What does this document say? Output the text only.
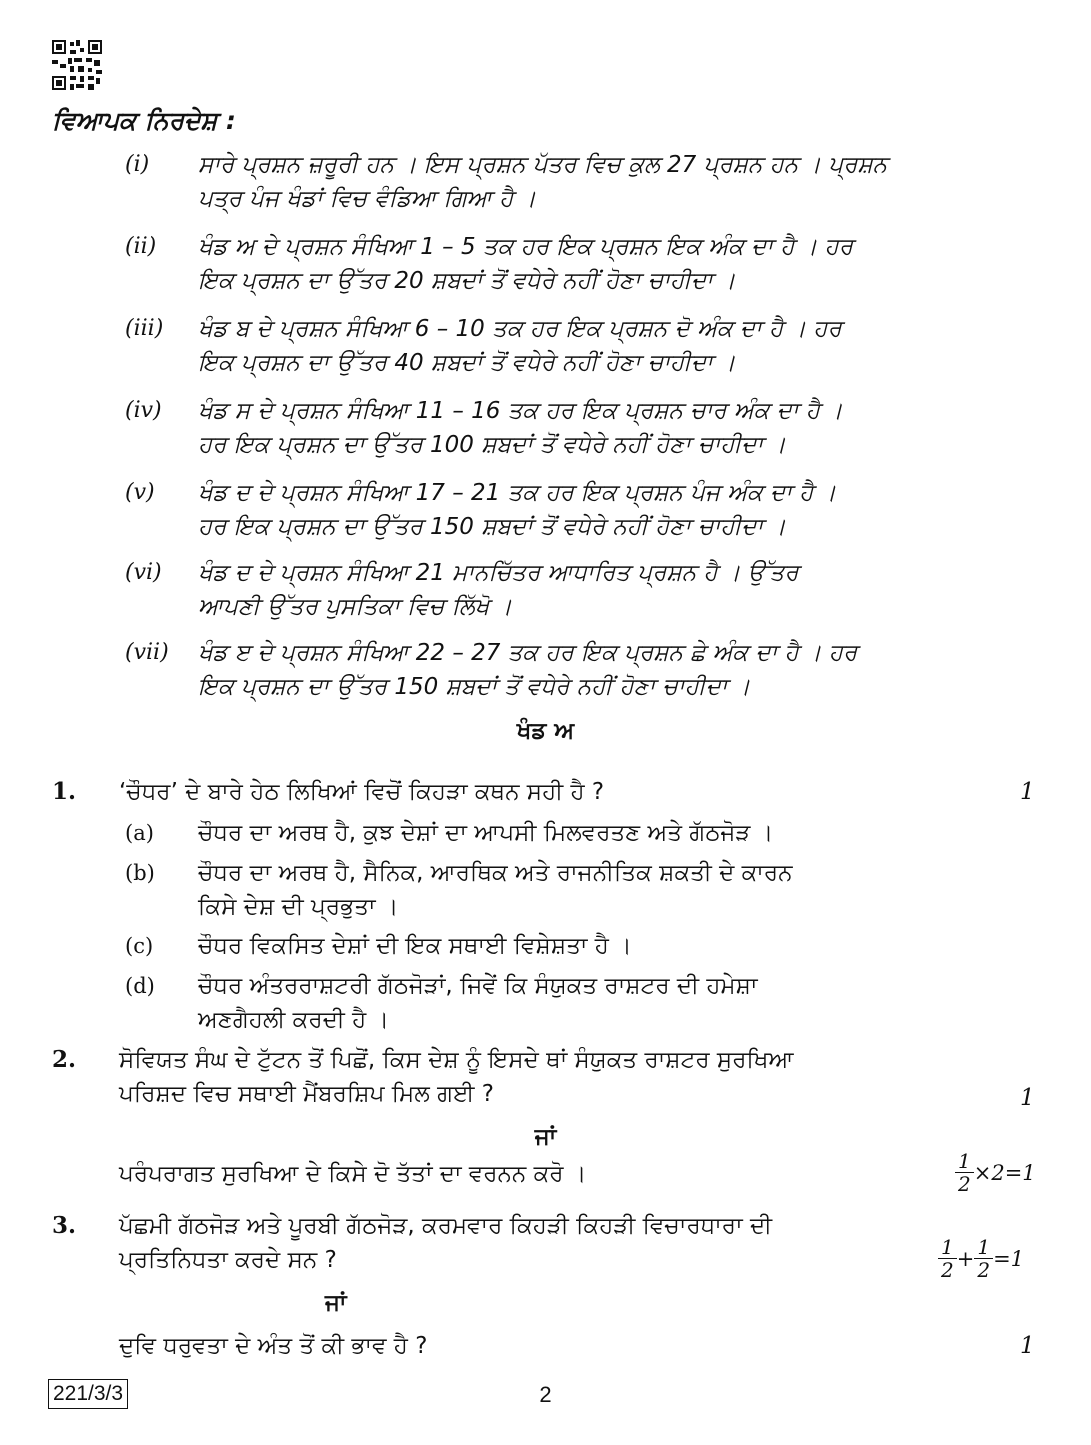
ਵਿਆਪਕ ਨਿਰਦੇਸ਼ :
(i) ਸਾਰੇ ਪ੍ਰਸ਼ਨ ਜ਼ਰੂਰੀ ਹਨ । ਇਸ ਪ੍ਰਸ਼ਨ ਪੱਤਰ ਵਿਚ ਕੁਲ 27 ਪ੍ਰਸ਼ਨ ਹਨ । ਪ੍ਰਸ਼ਨ
ਪਤ੍ਰ ਪੰਜ ਖੰਡਾਂ ਵਿਚ ਵੰਡਿਆ ਗਿਆ ਹੈ ।
(ii) ਖੰਡ ਅ ਦੇ ਪ੍ਰਸ਼ਨ ਸੰਖਿਆ 1 – 5 ਤਕ ਹਰ ਇਕ ਪ੍ਰਸ਼ਨ ਇਕ ਅੰਕ ਦਾ ਹੈ । ਹਰ
ਇਕ ਪ੍ਰਸ਼ਨ ਦਾ ਉੱਤਰ 20 ਸ਼ਬਦਾਂ ਤੋਂ ਵਧੇਰੇ ਨਹੀਂ ਹੋਣਾ ਚਾਹੀਦਾ ।
(iii) ਖੰਡ ਬ ਦੇ ਪ੍ਰਸ਼ਨ ਸੰਖਿਆ 6 – 10 ਤਕ ਹਰ ਇਕ ਪ੍ਰਸ਼ਨ ਦੋ ਅੰਕ ਦਾ ਹੈ । ਹਰ
ਇਕ ਪ੍ਰਸ਼ਨ ਦਾ ਉੱਤਰ 40 ਸ਼ਬਦਾਂ ਤੋਂ ਵਧੇਰੇ ਨਹੀਂ ਹੋਣਾ ਚਾਹੀਦਾ ।
(iv) ਖੰਡ ਸ ਦੇ ਪ੍ਰਸ਼ਨ ਸੰਖਿਆ 11 – 16 ਤਕ ਹਰ ਇਕ ਪ੍ਰਸ਼ਨ ਚਾਰ ਅੰਕ ਦਾ ਹੈ ।
ਹਰ ਇਕ ਪ੍ਰਸ਼ਨ ਦਾ ਉੱਤਰ 100 ਸ਼ਬਦਾਂ ਤੋਂ ਵਧੇਰੇ ਨਹੀਂ ਹੋਣਾ ਚਾਹੀਦਾ ।
(v) ਖੰਡ ਦ ਦੇ ਪ੍ਰਸ਼ਨ ਸੰਖਿਆ 17 – 21 ਤਕ ਹਰ ਇਕ ਪ੍ਰਸ਼ਨ ਪੰਜ ਅੰਕ ਦਾ ਹੈ ।
ਹਰ ਇਕ ਪ੍ਰਸ਼ਨ ਦਾ ਉੱਤਰ 150 ਸ਼ਬਦਾਂ ਤੋਂ ਵਧੇਰੇ ਨਹੀਂ ਹੋਣਾ ਚਾਹੀਦਾ ।
(vi) ਖੰਡ ਦ ਦੇ ਪ੍ਰਸ਼ਨ ਸੰਖਿਆ 21 ਮਾਨਚਿੱਤਰ ਆਧਾਰਿਤ ਪ੍ਰਸ਼ਨ ਹੈ । ਉੱਤਰ
ਆਪਣੀ ਉੱਤਰ ਪੁਸਤਿਕਾ ਵਿਚ ਲਿੱਖੋ ।
(vii) ਖੰਡ ੲ ਦੇ ਪ੍ਰਸ਼ਨ ਸੰਖਿਆ 22 – 27 ਤਕ ਹਰ ਇਕ ਪ੍ਰਸ਼ਨ ਛੇ ਅੰਕ ਦਾ ਹੈ । ਹਰ
ਇਕ ਪ੍ਰਸ਼ਨ ਦਾ ਉੱਤਰ 150 ਸ਼ਬਦਾਂ ਤੋਂ ਵਧੇਰੇ ਨਹੀਂ ਹੋਣਾ ਚਾਹੀਦਾ ।
ਖੰਡ ਅ
1. ‘ਚੌਧਰ’ ਦੇ ਬਾਰੇ ਹੇਠ ਲਿਖਿਆਂ ਵਿਚੋਂ ਕਿਹੜਾ ਕਥਨ ਸਹੀ ਹੈ ?	1
(a) ਚੌਧਰ ਦਾ ਅਰਥ ਹੈ, ਕੁਝ ਦੇਸ਼ਾਂ ਦਾ ਆਪਸੀ ਮਿਲਵਰਤਣ ਅਤੇ ਗੱਠਜੋੜ ।
(b) ਚੌਧਰ ਦਾ ਅਰਥ ਹੈ, ਸੈਨਿਕ, ਆਰਥਿਕ ਅਤੇ ਰਾਜਨੀਤਿਕ ਸ਼ਕਤੀ ਦੇ ਕਾਰਨ
ਕਿਸੇ ਦੇਸ਼ ਦੀ ਪ੍ਰਭੁਤਾ ।
(c) ਚੌਧਰ ਵਿਕਸਿਤ ਦੇਸ਼ਾਂ ਦੀ ਇਕ ਸਥਾਈ ਵਿਸ਼ੇਸ਼ਤਾ ਹੈ ।
(d) ਚੌਧਰ ਅੰਤਰਰਾਸ਼ਟਰੀ ਗੱਠਜੋੜਾਂ, ਜਿਵੇਂ ਕਿ ਸੰਯੁਕਤ ਰਾਸ਼ਟਰ ਦੀ ਹਮੇਸ਼ਾ
ਅਣਗੈਹਲੀ ਕਰਦੀ ਹੈ ।
2. ਸੋਵਿਯਤ ਸੰਘ ਦੇ ਟੁੱਟਨ ਤੋਂ ਪਿਛੋਂ, ਕਿਸ ਦੇਸ਼ ਨੂੰ ਇਸਦੇ ਥਾਂ ਸੰਯੁਕਤ ਰਾਸ਼ਟਰ ਸੁਰਖਿਆ
ਪਰਿਸ਼ਦ ਵਿਚ ਸਥਾਈ ਮੈਂਬਰਸ਼ਿਪ ਮਿਲ ਗਈ ?	1
ਜਾਂ
ਪਰੰਪਰਾਗਤ ਸੁਰਖਿਆ ਦੇ ਕਿਸੇ ਦੋ ਤੱਤਾਂ ਦਾ ਵਰਨਨ ਕਰੋ ।	$\frac{1}{2} \times 2=1$
3. ਪੱਛਮੀ ਗੱਠਜੋੜ ਅਤੇ ਪੂਰਬੀ ਗੱਠਜੋੜ, ਕਰਮਵਾਰ ਕਿਹੜੀ ਕਿਹੜੀ ਵਿਚਾਰਧਾਰਾ ਦੀ
ਪ੍ਰਤਿਨਿਧਤਾ ਕਰਦੇ ਸਨ ?	$\frac{1}{2} + \frac{1}{2} =1$
ਜਾਂ
ਦੁਵਿ ਧਰੁਵਤਾ ਦੇ ਅੰਤ ਤੋਂ ਕੀ ਭਾਵ ਹੈ ?	1
221/3/3	2
